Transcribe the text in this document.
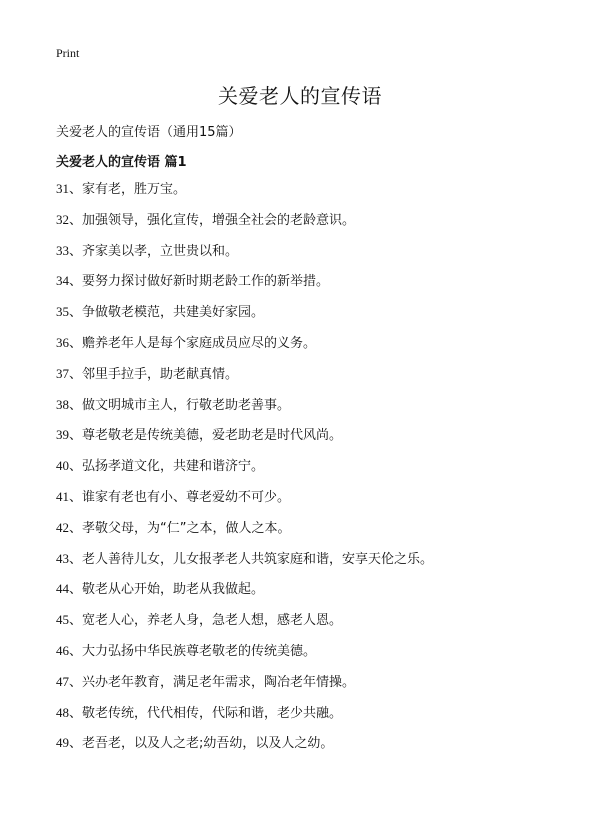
Print
关爱老人的宣传语
关爱老人的宣传语（通用15篇）
关爱老人的宣传语 篇1
31、家有老，胜万宝。
32、加强领导，强化宣传，增强全社会的老龄意识。
33、齐家美以孝，立世贵以和。
34、要努力探讨做好新时期老龄工作的新举措。
35、争做敬老模范，共建美好家园。
36、赡养老年人是每个家庭成员应尽的义务。
37、邻里手拉手，助老献真情。
38、做文明城市主人，行敬老助老善事。
39、尊老敬老是传统美德，爱老助老是时代风尚。
40、弘扬孝道文化，共建和谐济宁。
41、谁家有老也有小、尊老爱幼不可少。
42、孝敬父母，为“仁”之本，做人之本。
43、老人善待儿女，儿女报孝老人共筑家庭和谐，安享天伦之乐。
44、敬老从心开始，助老从我做起。
45、宽老人心，养老人身，急老人想，感老人恩。
46、大力弘扬中华民族尊老敬老的传统美德。
47、兴办老年教育，满足老年需求，陶冶老年情操。
48、敬老传统，代代相传，代际和谐，老少共融。
49、老吾老，以及人之老;幼吾幼，以及人之幼。
